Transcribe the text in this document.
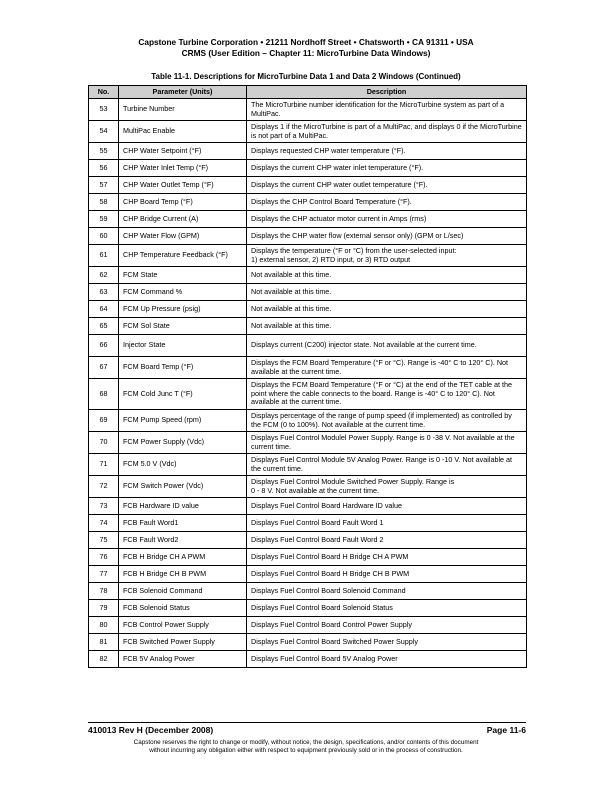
Capstone Turbine Corporation • 21211 Nordhoff Street • Chatsworth • CA 91311 • USA
CRMS (User Edition – Chapter 11: MicroTurbine Data Windows)
Table 11-1. Descriptions for MicroTurbine Data 1 and Data 2 Windows (Continued)
No.	Parameter (Units)	Description
53	Turbine Number	The MicroTurbine number identification for the MicroTurbine system as part of a MultiPac.

54	MultiPac Enable	Displays 1 if the MicroTurbine is part of a MultiPac, and displays 0 if the MicroTurbine is not part of a MultiPac.

55	CHP Water Setpoint (°F)	Displays requested CHP water temperature (°F).

56	CHP Water Inlet Temp (°F)	Displays the current CHP water inlet temperature (°F).

57	CHP Water Outlet Temp (°F)	Displays the current CHP water outlet temperature (°F).

58	CHP Board Temp (°F)	Displays the CHP Control Board Temperature (°F).

59	CHP Bridge Current (A)	Displays the CHP actuator motor current in Amps (rms)

60	CHP Water Flow (GPM)	Displays the CHP water flow (external sensor only) (GPM or L/sec)

61	CHP Temperature Feedback (°F)	Displays the temperature (°F or °C) from the user-selected input:
1) external sensor, 2) RTD input, or 3) RTD output

62	FCM State	Not available at this time.

63	FCM Command %	Not available at this time.

64	FCM Up Pressure (psig)	Not available at this time.

65	FCM Sol State	Not available at this time.

66	Injector State	Displays current (C200) injector state. Not available at the current time.

67	FCM Board Temp (°F)	Displays the FCM Board Temperature (°F or °C). Range is -40° C to 120° C). Not available at the current time.

68	FCM Cold Junc T (°F)	Displays the FCM Board Temperature (°F or °C) at the end of the TET cable at the point where the cable connects to the board. Range is -40° C to 120° C). Not available at the current time.

69	FCM Pump Speed (rpm)	Displays percentage of the range of pump speed (if implemented) as controlled by the FCM (0 to 100%). Not available at the current time.

70	FCM Power Supply (Vdc)	Displays Fuel Control Modulel Power Supply. Range is 0 -38 V. Not available at the current time.

71	FCM 5.0 V (Vdc)	Displays Fuel Control Module 5V Analog Power. Range is 0 -10 V. Not available at the current time.

72	FCM Switch Power (Vdc)	Displays Fuel Control Module Switched Power Supply. Range is
0 - 8 V. Not available at the current time.

73	FCB Hardware ID value	Displays Fuel Control Board Hardware ID value

74	FCB Fault Word1	Displays Fuel Control Board Fault Word 1

75	FCB Fault Word2	Displays Fuel Control Board Fault Word 2

76	FCB H Bridge CH A PWM	Displays Fuel Control Board H Bridge CH A PWM

77	FCB H Bridge CH B PWM	Displays Fuel Control Board H Bridge CH B PWM

78	FCB Solenoid Command	Displays Fuel Control Board Solenoid Command

79	FCB Solenoid Status	Displays Fuel Control Board Solenoid Status

80	FCB Control Power Supply	Displays Fuel Control Board Control Power Supply

81	FCB Switched Power Supply	Displays Fuel Control Board Switched Power Supply

82	FCB 5V Analog Power	Displays Fuel Control Board 5V Analog Power
410013 Rev H (December 2008)	Page 11-6
Capstone reserves the right to change or modify, without notice, the design, specifications, and/or contents of this document
without incurring any obligation either with respect to equipment previously sold or in the process of construction.
